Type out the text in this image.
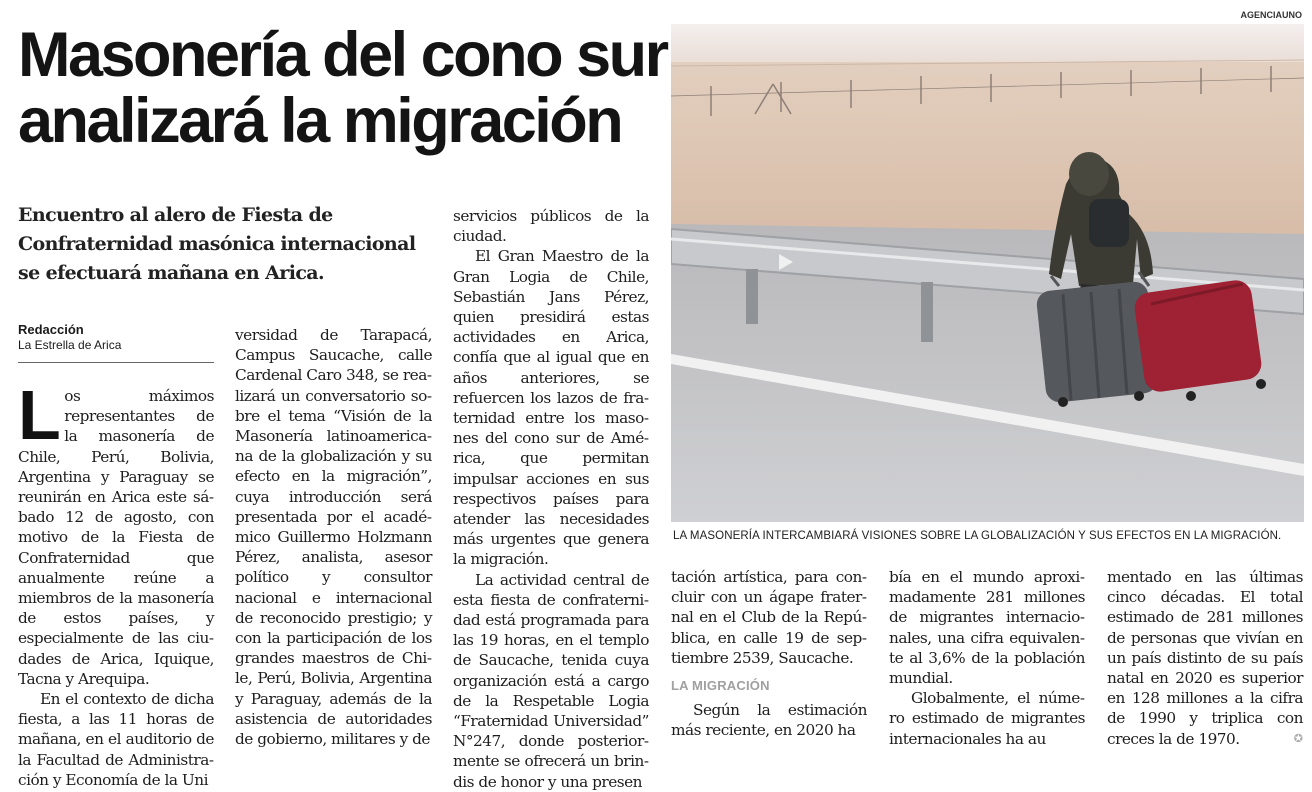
AGENCIAUNO
Masonería del cono sur
analizará la migración
Encuentro al alero de Fiesta de
Confraternidad masónica internacional
se efectuará mañana en Arica.
Redacción
La Estrella de Arica

Los máximos representantes de la masonería de Chile, Perú, Bolivia, Argentina y Paraguay se reunirán en Arica este sábado 12 de agosto, con motivo de la Fiesta de Confraternidad que anualmente reúne a miembros de la masonería de estos países, y especialmente de las ciudades de Arica, Iquique, Tacna y Arequipa.

En el contexto de dicha fiesta, a las 11 horas de mañana, en el auditorio de la Facultad de Administración y Economía de la Uni

versidad de Tarapacá, Campus Saucache, calle Cardenal Caro 348, se realizará un conversatorio sobre el tema “Visión de la Masonería latinoamericana de la globalización y su efecto en la migración”, cuya introducción será presentada por el académico Guillermo Holzmann Pérez, analista, asesor político y consultor nacional e internacional de reconocido prestigio; y con la participación de los grandes maestros de Chile, Perú, Bolivia, Argentina y Paraguay, además de la asistencia de autoridades de gobierno, militares y de

servicios públicos de la ciudad.

El Gran Maestro de la Gran Logia de Chile, Sebastián Jans Pérez, quien presidirá estas actividades en Arica, confía que al igual que en años anteriores, se refuercen los lazos de fraternidad entre los masones del cono sur de América, que permitan impulsar acciones en sus respectivos países para atender las necesidades más urgentes que genera la migración.

La actividad central de esta fiesta de confraternidad está programada para las 19 horas, en el templo de Saucache, tenida cuya organización está a cargo de la Respetable Logia “Fraternidad Universidad” N°247, donde posteriormente se ofrecerá un brindis de honor y una presen

LA MASONERÍA INTERCAMBIARÁ VISIONES SOBRE LA GLOBALIZACIÓN Y SUS EFECTOS EN LA MIGRACIÓN.

tación artística, para concluir con un ágape fraternal en el Club de la República, en calle 19 de septiembre 2539, Saucache.

LA MIGRACIÓN

Según la estimación más reciente, en 2020 ha

bía en el mundo aproximadamente 281 millones de migrantes internacionales, una cifra equivalente al 3,6% de la población mundial.

Globalmente, el número estimado de migrantes internacionales ha au

mentado en las últimas cinco décadas. El total estimado de 281 millones de personas que vivían en un país distinto de su país natal en 2020 es superior en 128 millones a la cifra de 1990 y triplica con creces la de 1970.	✪
